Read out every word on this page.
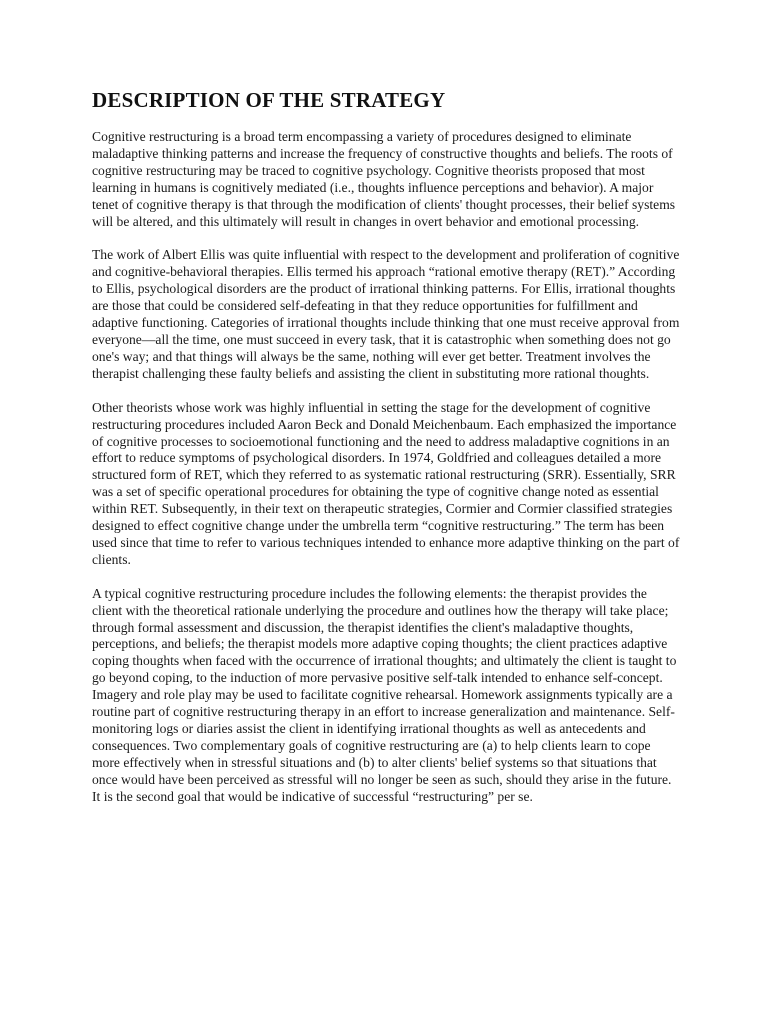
DESCRIPTION OF THE STRATEGY

Cognitive restructuring is a broad term encompassing a variety of procedures designed to eliminate maladaptive thinking patterns and increase the frequency of constructive thoughts and beliefs. The roots of cognitive restructuring may be traced to cognitive psychology. Cognitive theorists proposed that most learning in humans is cognitively mediated (i.e., thoughts influence perceptions and behavior). A major tenet of cognitive therapy is that through the modification of clients' thought processes, their belief systems will be altered, and this ultimately will result in changes in overt behavior and emotional processing.

The work of Albert Ellis was quite influential with respect to the development and proliferation of cognitive and cognitive-behavioral therapies. Ellis termed his approach “rational emotive therapy (RET).” According to Ellis, psychological disorders are the product of irrational thinking patterns. For Ellis, irrational thoughts are those that could be considered self-defeating in that they reduce opportunities for fulfillment and adaptive functioning. Categories of irrational thoughts include thinking that one must receive approval from everyone—all the time, one must succeed in every task, that it is catastrophic when something does not go one's way; and that things will always be the same, nothing will ever get better. Treatment involves the therapist challenging these faulty beliefs and assisting the client in substituting more rational thoughts.

Other theorists whose work was highly influential in setting the stage for the development of cognitive restructuring procedures included Aaron Beck and Donald Meichenbaum. Each emphasized the importance of cognitive processes to socioemotional functioning and the need to address maladaptive cognitions in an effort to reduce symptoms of psychological disorders. In 1974, Goldfried and colleagues detailed a more structured form of RET, which they referred to as systematic rational restructuring (SRR). Essentially, SRR was a set of specific operational procedures for obtaining the type of cognitive change noted as essential within RET. Subsequently, in their text on therapeutic strategies, Cormier and Cormier classified strategies designed to effect cognitive change under the umbrella term “cognitive restructuring.” The term has been used since that time to refer to various techniques intended to enhance more adaptive thinking on the part of clients.

A typical cognitive restructuring procedure includes the following elements: the therapist provides the client with the theoretical rationale underlying the procedure and outlines how the therapy will take place; through formal assessment and discussion, the therapist identifies the client's maladaptive thoughts, perceptions, and beliefs; the therapist models more adaptive coping thoughts; the client practices adaptive coping thoughts when faced with the occurrence of irrational thoughts; and ultimately the client is taught to go beyond coping, to the induction of more pervasive positive self-talk intended to enhance self-concept. Imagery and role play may be used to facilitate cognitive rehearsal. Homework assignments typically are a routine part of cognitive restructuring therapy in an effort to increase generalization and maintenance. Self-monitoring logs or diaries assist the client in identifying irrational thoughts as well as antecedents and consequences. Two complementary goals of cognitive restructuring are (a) to help clients learn to cope more effectively when in stressful situations and (b) to alter clients' belief systems so that situations that once would have been perceived as stressful will no longer be seen as such, should they arise in the future. It is the second goal that would be indicative of successful “restructuring” per se.
